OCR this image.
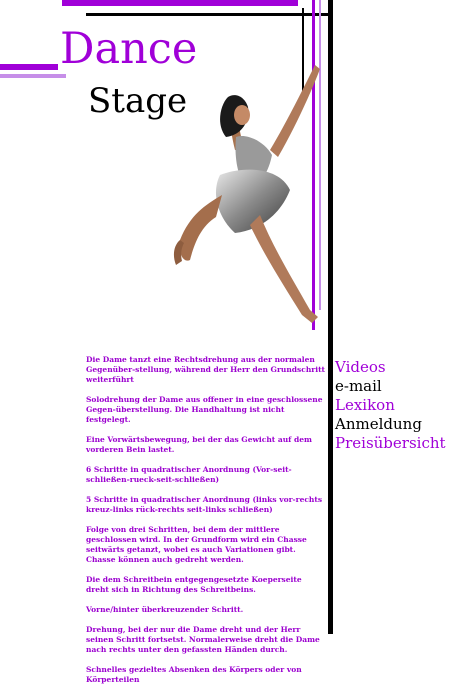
Dance
Stage

Die Dame tanzt eine Rechtsdrehung aus der normalen Gegenüber-stellung, während der Herr den Grundschritt weiterführt

Solodrehung der Dame aus offener in eine geschlossene Gegen-überstellung. Die Handhaltung ist nicht festgelegt.

Eine Vorwärtsbewegung, bei der das Gewicht auf dem vorderen Bein lastet.

6 Schritte in quadratischer Anordnung (Vor-seit-schließen-rueck-seit-schließen)

5 Schritte in quadratischer Anordnung (links vor-rechts kreuz-links rück-rechts seit-links schließen)

Folge von drei Schritten, bei dem der mittlere geschlossen wird. In der Grundform wird ein Chasse seitwärts getanzt, wobei es auch Variationen gibt. Chasse können auch gedreht werden.

Die dem Schreitbein entgegengesetzte Koeperseite dreht sich in Richtung des Schreitbeins.

Vorne/hinter überkreuzender Schritt.

Drehung, bei der nur die Dame dreht und der Herr seinen Schritt fortsetst. Normalerweise dreht die Dame nach rechts unter den gefassten Händen durch.

Schnelles gezieltes Absenken des Körpers oder von Körperteilen

Videos
e-mail
Lexikon
Anmeldung
Preisübersicht
